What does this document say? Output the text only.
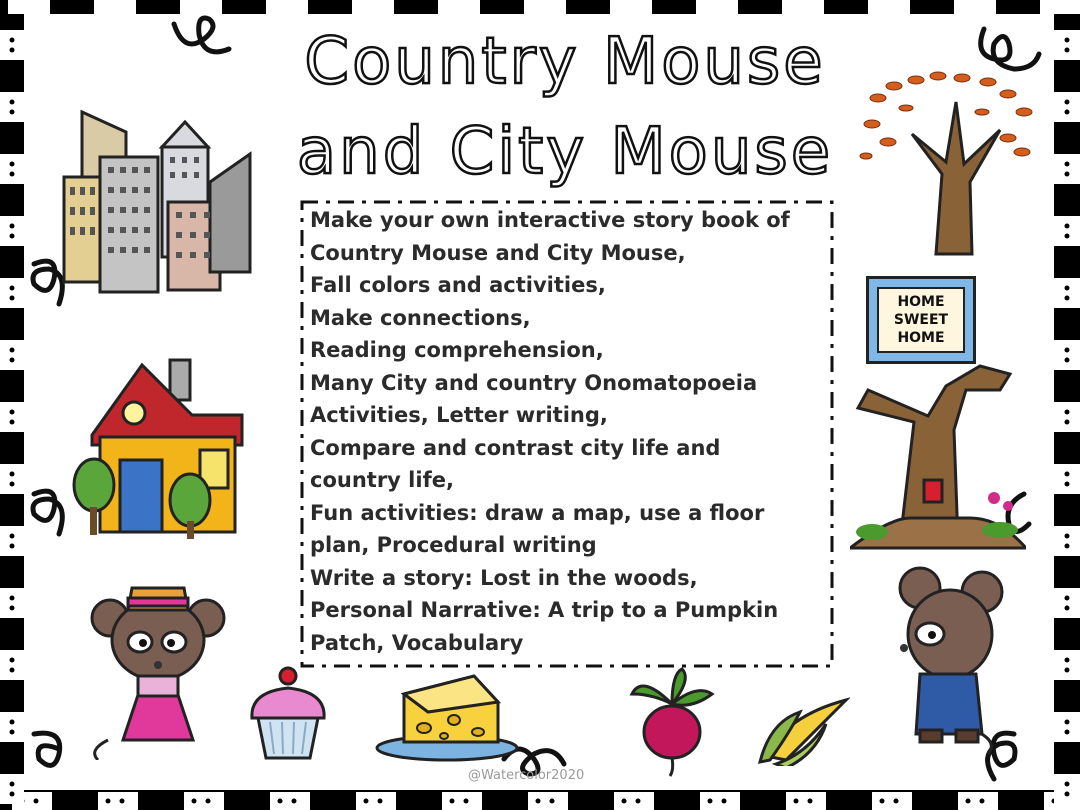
Country Mouse
and City Mouse
HOME
SWEET
HOME
Make your own interactive story book of
Country Mouse and City Mouse,
Fall colors and activities,
Make connections,
Reading comprehension,
Many City and country Onomatopoeia
Activities, Letter writing,
Compare and contrast city life and
country life,
Fun activities: draw a map, use a floor
plan, Procedural writing
Write a story: Lost in the woods,
Personal Narrative: A trip to a Pumpkin
Patch, Vocabulary
@Watercolor2020
